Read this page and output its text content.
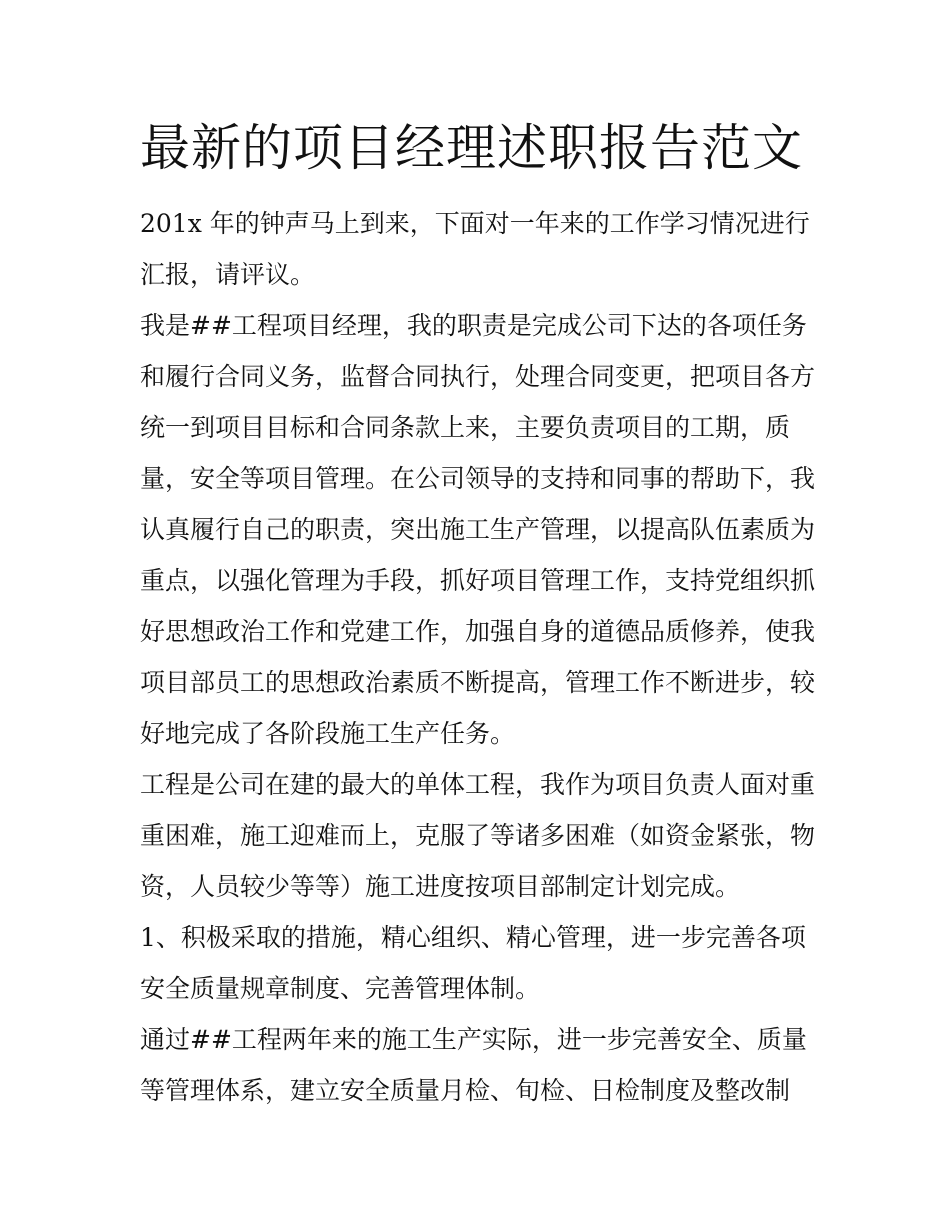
最新的项目经理述职报告范文
201x 年的钟声马上到来，下面对一年来的工作学习情况进行
汇报，请评议。
我是##工程项目经理，我的职责是完成公司下达的各项任务
和履行合同义务，监督合同执行，处理合同变更，把项目各方
统一到项目目标和合同条款上来，主要负责项目的工期，质
量，安全等项目管理。在公司领导的支持和同事的帮助下，我
认真履行自己的职责，突出施工生产管理，以提高队伍素质为
重点，以强化管理为手段，抓好项目管理工作，支持党组织抓
好思想政治工作和党建工作，加强自身的道德品质修养，使我
项目部员工的思想政治素质不断提高，管理工作不断进步，较
好地完成了各阶段施工生产任务。
工程是公司在建的最大的单体工程，我作为项目负责人面对重
重困难，施工迎难而上，克服了等诸多困难（如资金紧张，物
资，人员较少等等）施工进度按项目部制定计划完成。
1、积极采取的措施，精心组织、精心管理，进一步完善各项
安全质量规章制度、完善管理体制。
通过##工程两年来的施工生产实际，进一步完善安全、质量
等管理体系，建立安全质量月检、旬检、日检制度及整改制
